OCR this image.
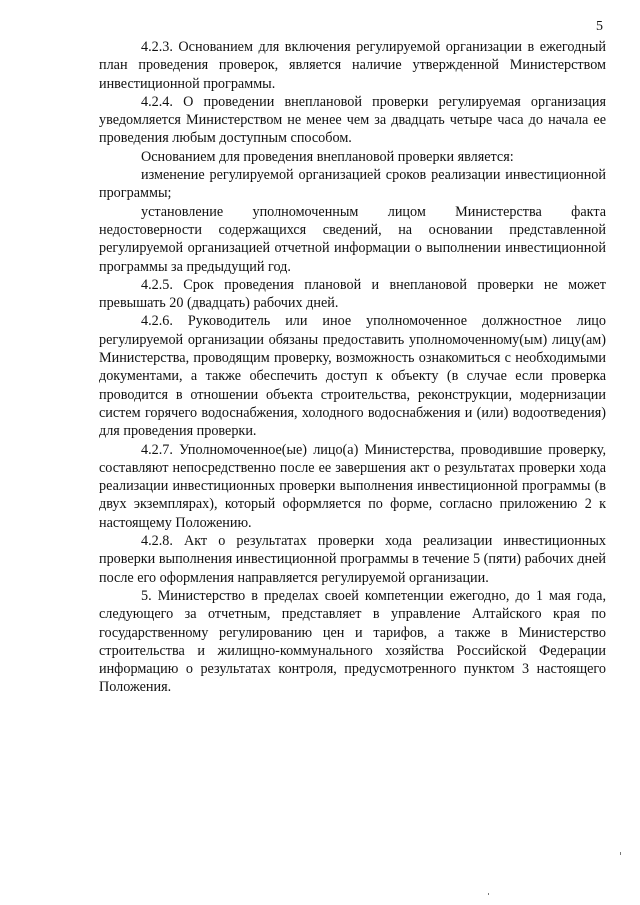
5

4.2.3. Основанием для включения регулируемой организации в ежегодный план проведения проверок, является наличие утвержденной Министерством инвестиционной программы.

4.2.4. О проведении внеплановой проверки регулируемая организация уведомляется Министерством не менее чем за двадцать четыре часа до начала ее проведения любым доступным способом.

Основанием для проведения внеплановой проверки является:

изменение регулируемой организацией сроков реализации инвестиционной программы;

установление уполномоченным лицом Министерства факта недостоверности содержащихся сведений, на основании представленной регулируемой организацией отчетной информации о выполнении инвестиционной программы за предыдущий год.

4.2.5. Срок проведения плановой и внеплановой проверки не может превышать 20 (двадцать) рабочих дней.

4.2.6. Руководитель или иное уполномоченное должностное лицо регулируемой организации обязаны предоставить уполномоченному(ым) лицу(ам) Министерства, проводящим проверку, возможность ознакомиться с необходимыми документами, а также обеспечить доступ к объекту (в случае если проверка проводится в отношении объекта строительства, реконструкции, модернизации систем горячего водоснабжения, холодного водоснабжения и (или) водоотведения) для проведения проверки.

4.2.7. Уполномоченное(ые) лицо(а) Министерства, проводившие проверку, составляют непосредственно после ее завершения акт о результатах проверки хода реализации инвестиционных проверки выполнения инвестиционной программы (в двух экземплярах), который оформляется по форме, согласно приложению 2 к настоящему Положению.

4.2.8. Акт о результатах проверки хода реализации инвестиционных проверки выполнения инвестиционной программы в течение 5 (пяти) рабочих дней после его оформления направляется регулируемой организации.

5. Министерство в пределах своей компетенции ежегодно, до 1 мая года, следующего за отчетным, представляет в управление Алтайского края по государственному регулированию цен и тарифов, а также в Министерство строительства и жилищно-коммунального хозяйства Российской Федерации информацию о результатах контроля, предусмотренного пунктом 3 настоящего Положения.
